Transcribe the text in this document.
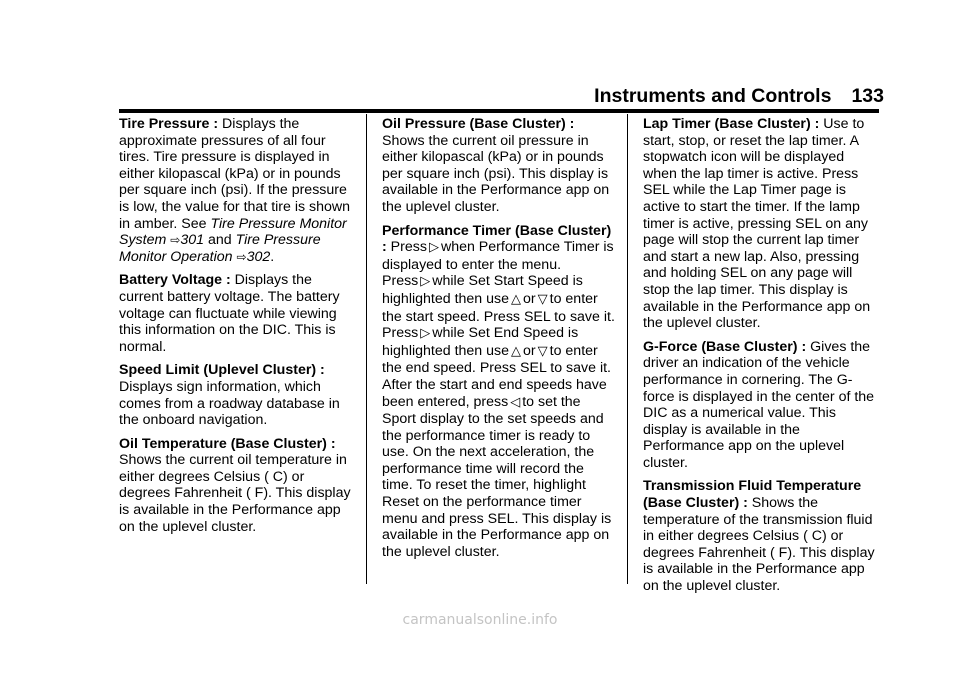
Instruments and Controls 133

Tire Pressure : Displays the approximate pressures of all four tires. Tire pressure is displayed in either kilopascal (kPa) or in pounds per square inch (psi). If the pressure is low, the value for that tire is shown in amber. See Tire Pressure Monitor System ⇨301 and Tire Pressure Monitor Operation ⇨302.

Battery Voltage : Displays the current battery voltage. The battery voltage can fluctuate while viewing this information on the DIC. This is normal.

Speed Limit (Uplevel Cluster) : Displays sign information, which comes from a roadway database in the onboard navigation.

Oil Temperature (Base Cluster) : Shows the current oil temperature in either degrees Celsius ( C) or degrees Fahrenheit ( F). This display is available in the Performance app on the uplevel cluster.

Oil Pressure (Base Cluster) : Shows the current oil pressure in either kilopascal (kPa) or in pounds per square inch (psi). This display is available in the Performance app on the uplevel cluster.

Performance Timer (Base Cluster) : Press ▷ when Performance Timer is displayed to enter the menu. Press ▷ while Set Start Speed is highlighted then use △ or ▽ to enter the start speed. Press SEL to save it. Press ▷ while Set End Speed is highlighted then use △ or ▽ to enter the end speed. Press SEL to save it. After the start and end speeds have been entered, press ◁ to set the Sport display to the set speeds and the performance timer is ready to use. On the next acceleration, the performance time will record the time. To reset the timer, highlight Reset on the performance timer menu and press SEL. This display is available in the Performance app on the uplevel cluster.

Lap Timer (Base Cluster) : Use to start, stop, or reset the lap timer. A stopwatch icon will be displayed when the lap timer is active. Press SEL while the Lap Timer page is active to start the timer. If the lamp timer is active, pressing SEL on any page will stop the current lap timer and start a new lap. Also, pressing and holding SEL on any page will stop the lap timer. This display is available in the Performance app on the uplevel cluster.

G-Force (Base Cluster) : Gives the driver an indication of the vehicle performance in cornering. The G-force is displayed in the center of the DIC as a numerical value. This display is available in the Performance app on the uplevel cluster.

Transmission Fluid Temperature (Base Cluster) : Shows the temperature of the transmission fluid in either degrees Celsius ( C) or degrees Fahrenheit ( F). This display is available in the Performance app on the uplevel cluster.

carmanualsonline.info
